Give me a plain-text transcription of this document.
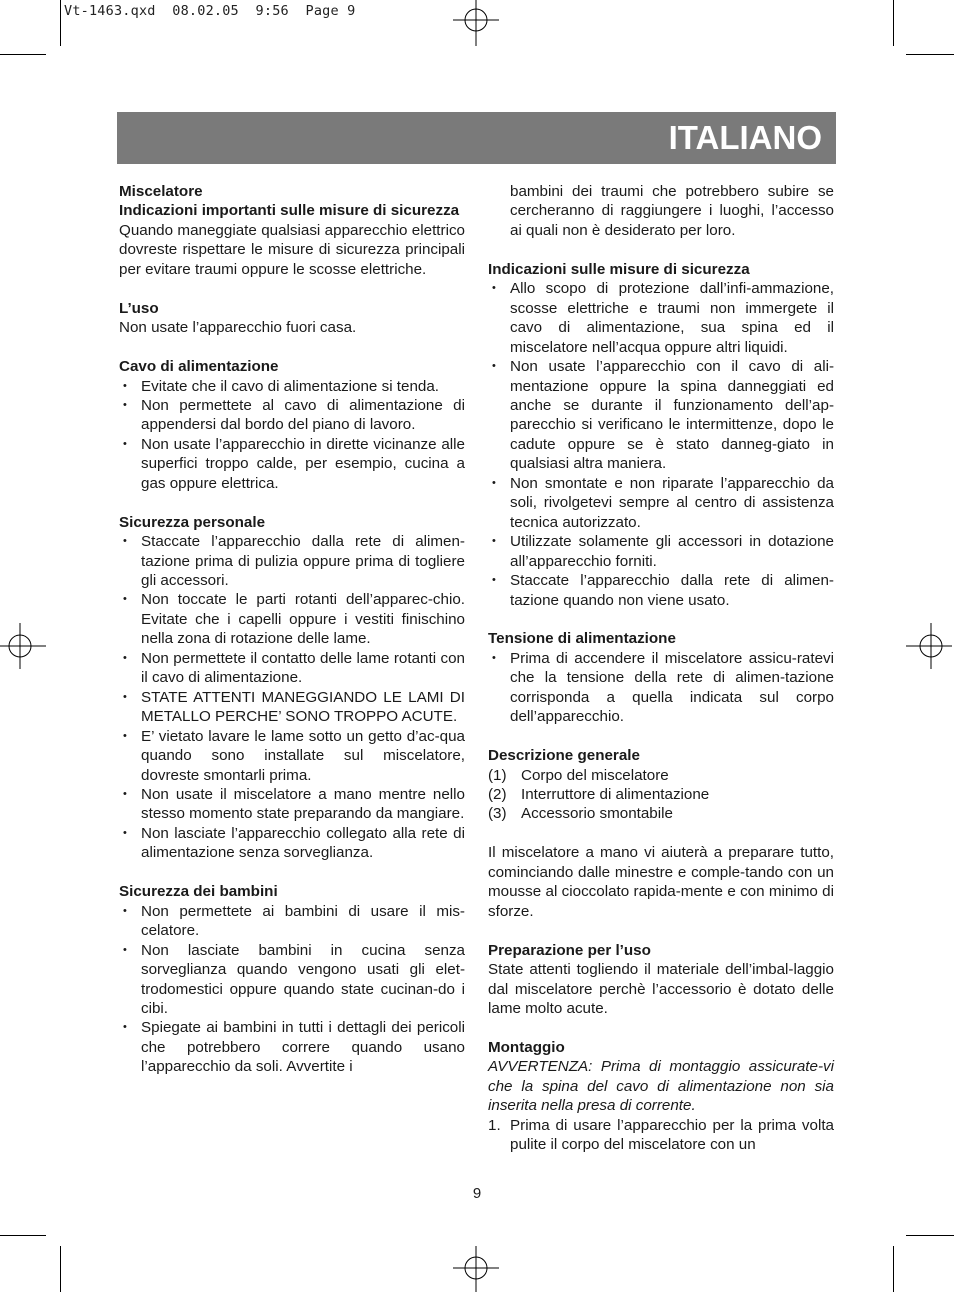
Vt-1463.qxd  08.02.05  9:56  Page 9
ITALIANO
Miscelatore
Indicazioni importanti sulle misure di sicurezza

Quando maneggiate qualsiasi apparecchio elettrico dovreste rispettare le misure di sicurezza principali per evitare traumi oppure le scosse elettriche.

L’uso

Non usate l’apparecchio fuori casa.

Cavo di alimentazione
• Evitate che il cavo di alimentazione si tenda.
• Non permettete al cavo di alimentazione di appendersi dal bordo del piano di lavoro.
• Non usate l’apparecchio in dirette vicinanze alle superfici troppo calde, per esempio, cucina a gas oppure elettrica.
Sicurezza personale
• Staccate l’apparecchio dalla rete di alimen-tazione prima di pulizia oppure prima di togliere gli accessori.
• Non toccate le parti rotanti dell’apparec-chio. Evitate che i capelli oppure i vestiti finischino nella zona di rotazione delle lame.
• Non permettete il contatto delle lame rotanti con il cavo di alimentazione.
• STATE ATTENTI MANEGGIANDO LE LAMI DI METALLO PERCHE’ SONO TROPPO ACUTE.
• E’ vietato lavare le lame sotto un getto d’ac-qua quando sono installate sul miscelatore, dovreste smontarli prima.
• Non usate il miscelatore a mano mentre nello stesso momento state preparando da mangiare.
• Non lasciate l’apparecchio collegato alla rete di alimentazione senza sorveglianza.
Sicurezza dei bambini
• Non permettete ai bambini di usare il mis-celatore.
• Non lasciate bambini in cucina senza sorveglianza quando vengono usati gli elet-trodomestici oppure quando state cucinan-do i cibi.
• Spiegate ai bambini in tutti i dettagli dei pericoli che potrebbero correre quando usano l’apparecchio da soli. Avvertite i

bambini dei traumi che potrebbero subire se cercheranno di raggiungere i luoghi, l’accesso ai quali non è desiderato per loro.

Indicazioni sulle misure di sicurezza
• Allo scopo di protezione dall’infi-ammazione, scosse elettriche e traumi non immergete il cavo di alimentazione, sua spina ed il miscelatore nell’acqua oppure altri liquidi.
• Non usate l’apparecchio con il cavo di ali-mentazione oppure la spina danneggiati ed anche se durante il funzionamento dell’ap-parecchio si verificano le intermittenze, dopo le cadute oppure se è stato danneg-giato in qualsiasi altra maniera.
• Non smontate e non riparate l’apparecchio da soli, rivolgetevi sempre al centro di assistenza tecnica autorizzato.
• Utilizzate solamente gli accessori in dotazione all’apparecchio forniti.
• Staccate l’apparecchio dalla rete di alimen-tazione quando non viene usato.
Tensione di alimentazione
• Prima di accendere il miscelatore assicu-ratevi che la tensione della rete di alimen-tazione corrisponda a quella indicata sul corpo dell’apparecchio.
Descrizione generale
(1) Corpo del miscelatore
(2) Interruttore di alimentazione
(3) Accessorio smontabile

Il miscelatore a mano vi aiuterà a preparare tutto, cominciando dalle minestre e comple-tando con un mousse al cioccolato rapida-mente e con minimo di sforze.

Preparazione per l’uso

State attenti togliendo il materiale dell’imbal-laggio dal miscelatore perchè l’accessorio è dotato delle lame molto acute.

Montaggio

AVVERTENZA: Prima di montaggio assicurate-vi che la spina del cavo di alimentazione non sia inserita nella presa di corrente.

1. Prima di usare l’apparecchio per la prima volta pulite il corpo del miscelatore con un
9
